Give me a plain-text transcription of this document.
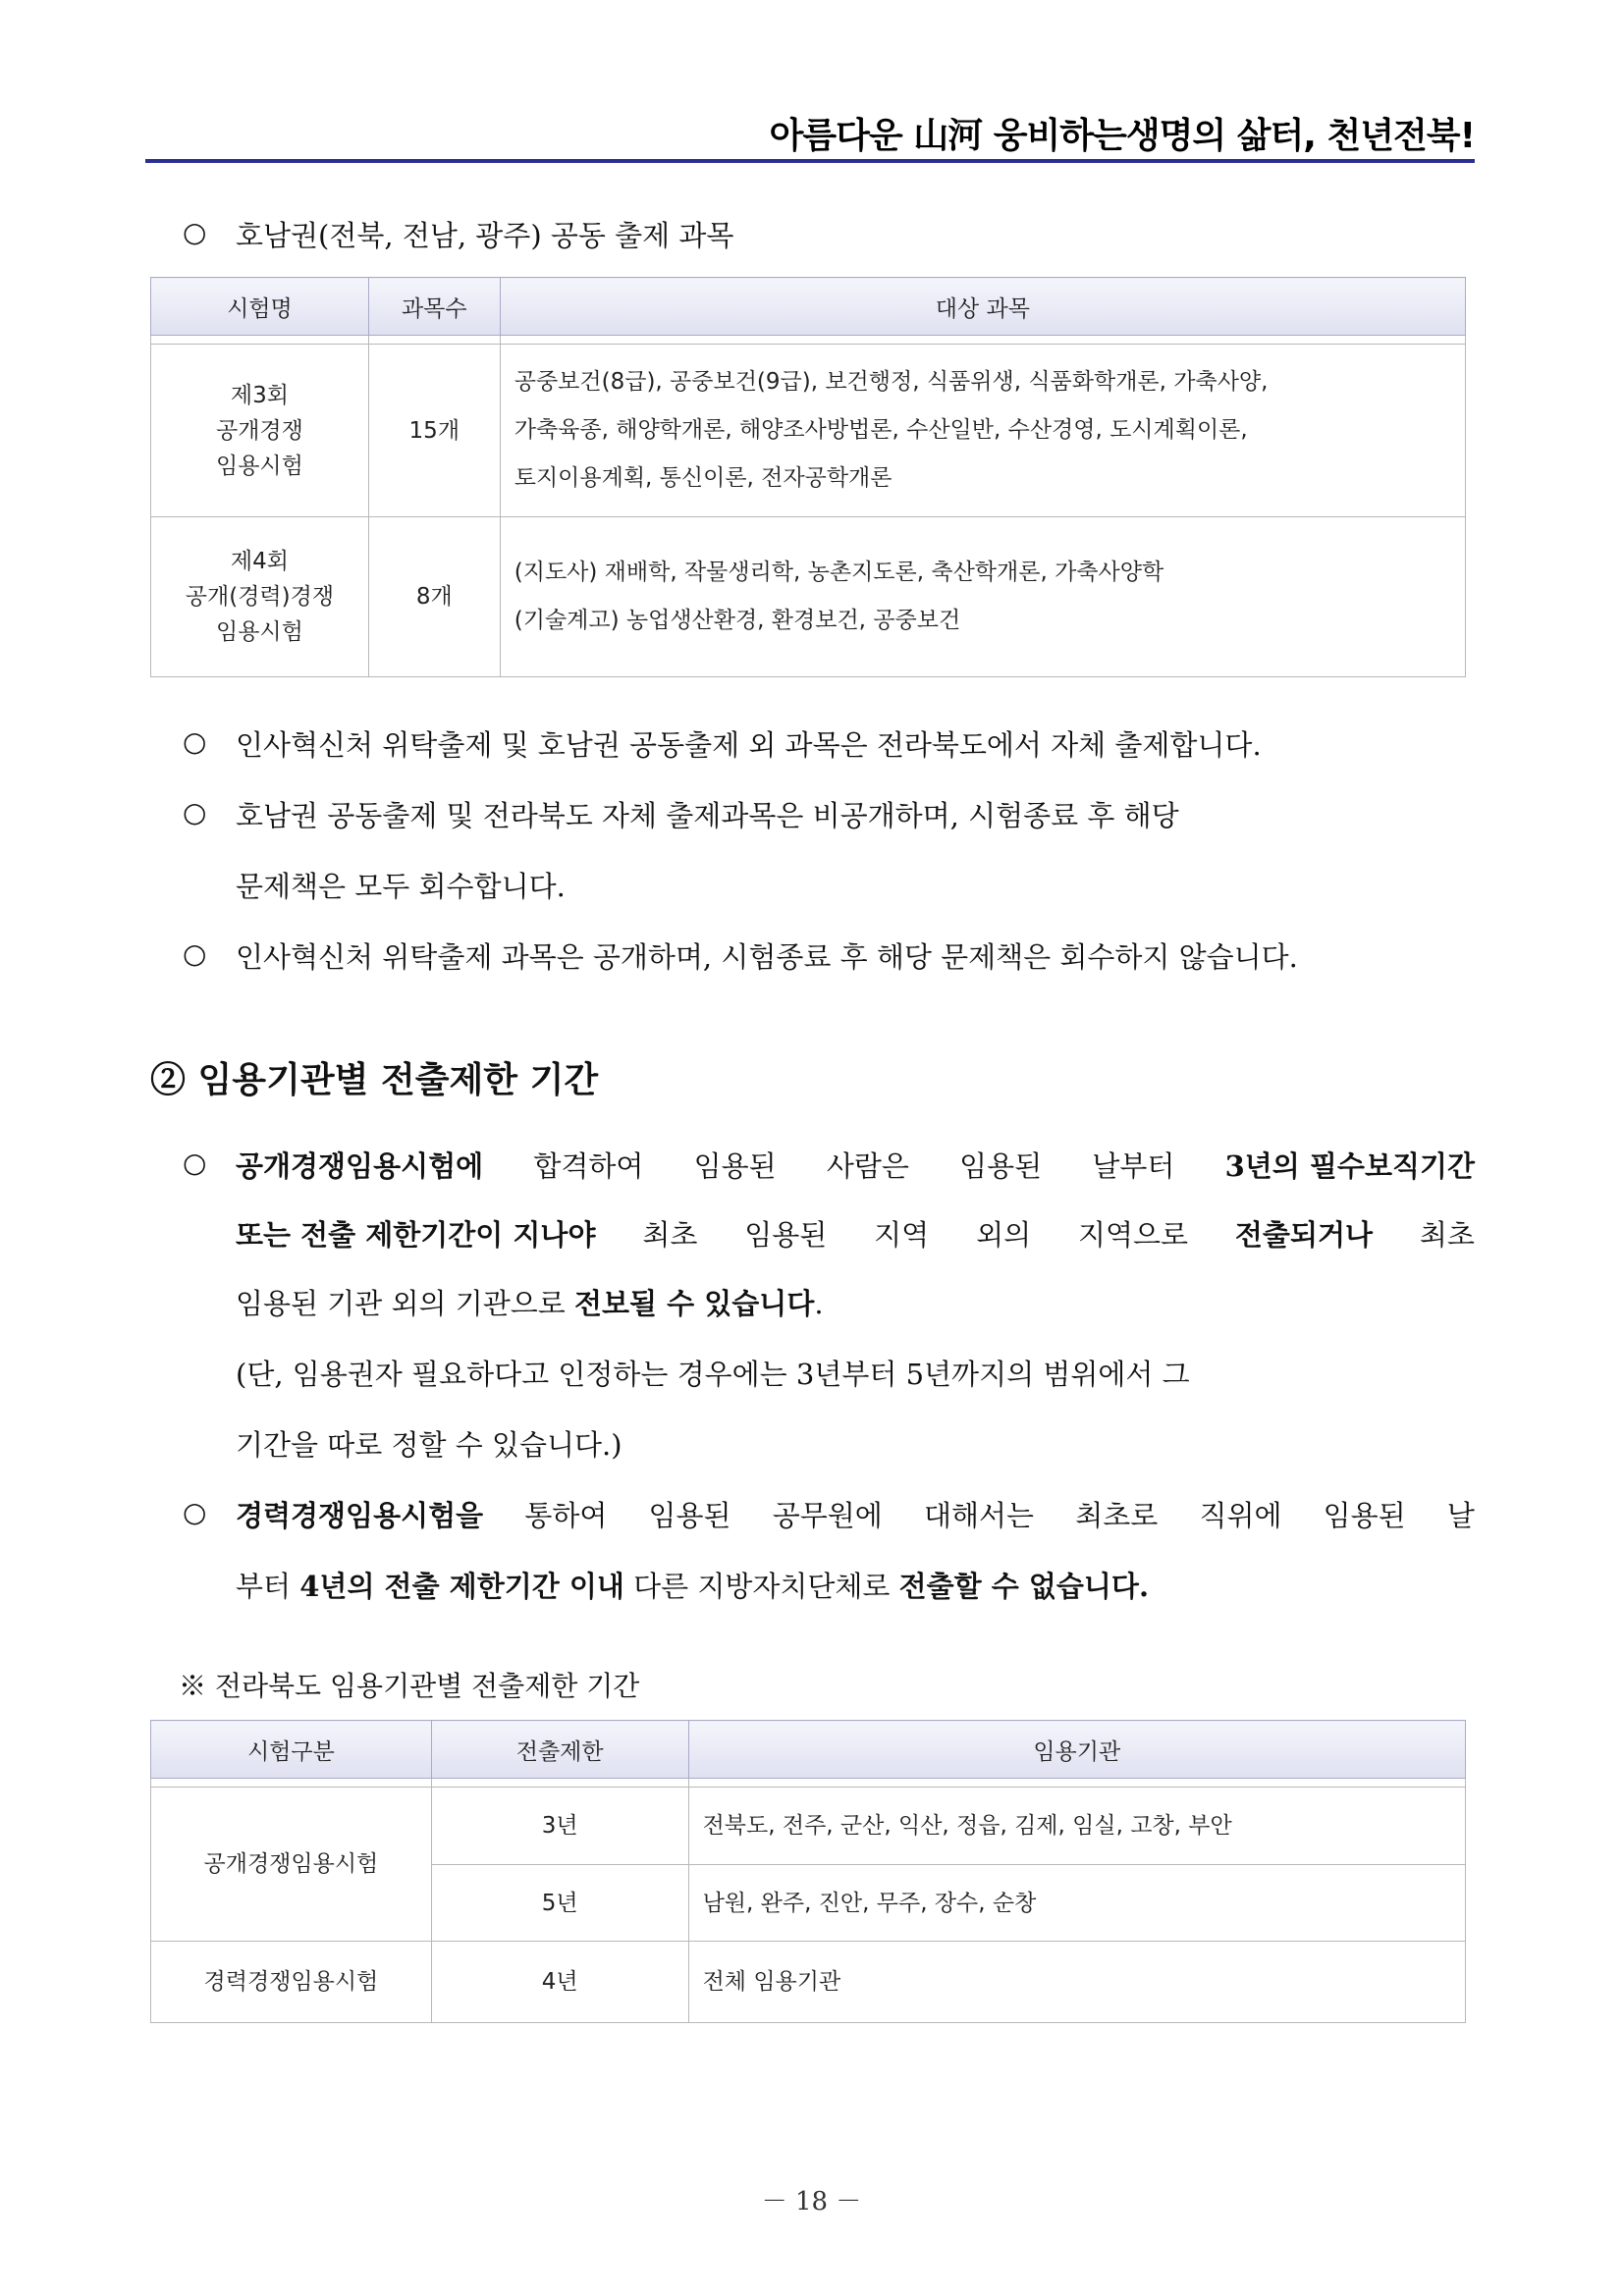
아름다운 山河 웅비하는생명의 삶터, 천년전북!
○ 호남권(전북, 전남, 광주) 공동 출제 과목
시험명	과목수	대상 과목

제3회
공개경쟁
임용시험	15개	공중보건(8급), 공중보건(9급), 보건행정, 식품위생, 식품화학개론, 가축사양,
가축육종, 해양학개론, 해양조사방법론, 수산일반, 수산경영, 도시계획이론,
토지이용계획, 통신이론, 전자공학개론

제4회
공개(경력)경쟁
임용시험	8개	(지도사) 재배학, 작물생리학, 농촌지도론, 축산학개론, 가축사양학
(기술계고) 농업생산환경, 환경보건, 공중보건
○ 인사혁신처 위탁출제 및 호남권 공동출제 외 과목은 전라북도에서 자체 출제합니다.
○ 호남권 공동출제 및 전라북도 자체 출제과목은 비공개하며, 시험종료 후 해당
문제책은 모두 회수합니다.
○ 인사혁신처 위탁출제 과목은 공개하며, 시험종료 후 해당 문제책은 회수하지 않습니다.
② 임용기관별 전출제한 기간
○ 공개경쟁임용시험에 합격하여 임용된 사람은 임용된 날부터 3년의 필수보직기간
또는 전출 제한기간이 지나야 최초 임용된 지역 외의 지역으로 전출되거나 최초
임용된 기관 외의 기관으로 전보될 수 있습니다.
(단, 임용권자 필요하다고 인정하는 경우에는 3년부터 5년까지의 범위에서 그
기간을 따로 정할 수 있습니다.)
○ 경력경쟁임용시험을 통하여 임용된 공무원에 대해서는 최초로 직위에 임용된 날
부터 4년의 전출 제한기간 이내 다른 지방자치단체로 전출할 수 없습니다.
※ 전라북도 임용기관별 전출제한 기간
시험구분	전출제한	임용기관

공개경쟁임용시험	3년	전북도, 전주, 군산, 익산, 정읍, 김제, 임실, 고창, 부안
	5년	남원, 완주, 진안, 무주, 장수, 순창
경력경쟁임용시험	4년	전체 임용기관
－ 18 －
